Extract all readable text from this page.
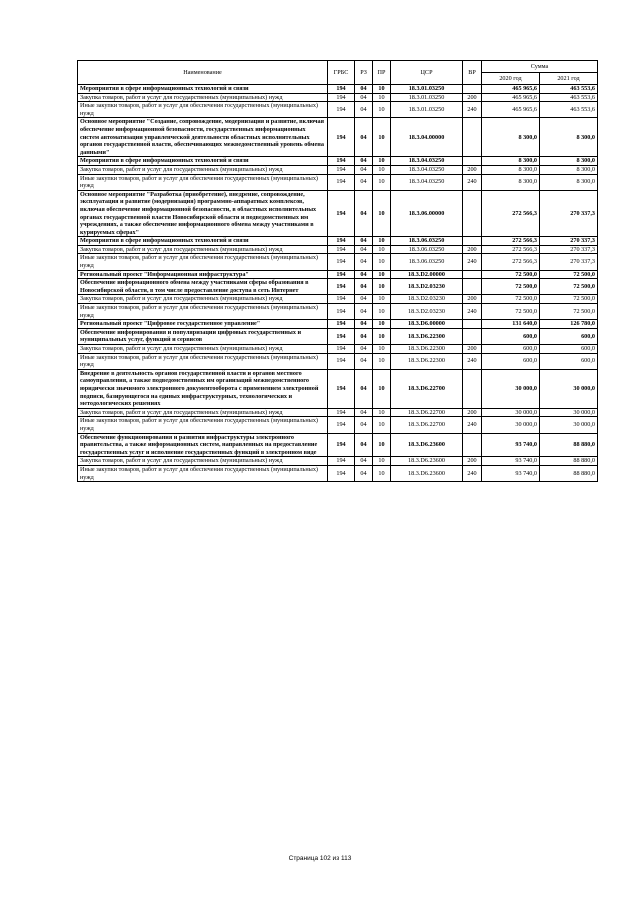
Наименование	ГРБС	РЗ	ПР	ЦСР	ВР	Сумма	
						2020 год	2021 год
Мероприятия в сфере информационных технологий и связи	194	04	10	18.3.01.03250		465 965,6	463 553,6
Закупка товаров, работ и услуг для государственных (муниципальных) нужд	194	04	10	18.3.01.03250	200	465 965,6	463 553,6
Иные закупки товаров, работ и услуг для обеспечения государственных (муниципальных) нужд	194	04	10	18.3.01.03250	240	465 965,6	463 553,6
Основное мероприятие "Создание, сопровождение, модернизация и развитие, включая обеспечение информационной безопасности, государственных информационных систем автоматизации управленческой деятельности областных исполнительных органов государственной власти, обеспечивающих межведомственный уровень обмена данными"	194	04	10	18.3.04.00000		8 300,0	8 300,0
Мероприятия в сфере информационных технологий и связи	194	04	10	18.3.04.03250		8 300,0	8 300,0
Закупка товаров, работ и услуг для государственных (муниципальных) нужд	194	04	10	18.3.04.03250	200	8 300,0	8 300,0
Иные закупки товаров, работ и услуг для обеспечения государственных (муниципальных) нужд	194	04	10	18.3.04.03250	240	8 300,0	8 300,0
Основное мероприятие "Разработка (приобретение), внедрение, сопровождение, эксплуатация и развитие (модернизация) программно-аппаратных комплексов, включая обеспечение информационной безопасности, в областных исполнительных органах государственной власти Новосибирской области и подведомственных им учреждениях, а также обеспечение информационного обмена между участниками в курируемых сферах"	194	04	10	18.3.06.00000		272 566,3	270 337,3
Мероприятия в сфере информационных технологий и связи	194	04	10	18.3.06.03250		272 566,3	270 337,3
Закупка товаров, работ и услуг для государственных (муниципальных) нужд	194	04	10	18.3.06.03250	200	272 566,3	270 337,3
Иные закупки товаров, работ и услуг для обеспечения государственных (муниципальных) нужд	194	04	10	18.3.06.03250	240	272 566,3	270 337,3
Региональный проект "Информационная инфраструктура"	194	04	10	18.3.D2.00000		72 500,0	72 500,0
Обеспечение информационного обмена между участниками сферы образования в Новосибирской области, в том числе предоставление доступа в сеть Интернет	194	04	10	18.3.D2.03230		72 500,0	72 500,0
Закупка товаров, работ и услуг для государственных (муниципальных) нужд	194	04	10	18.3.D2.03230	200	72 500,0	72 500,0
Иные закупки товаров, работ и услуг для обеспечения государственных (муниципальных) нужд	194	04	10	18.3.D2.03230	240	72 500,0	72 500,0
Региональный проект "Цифровое государственное управление"	194	04	10	18.3.D6.00000		131 640,0	126 780,0
Обеспечение информирования и популяризации цифровых государственных и муниципальных услуг, функций и сервисов	194	04	10	18.3.D6.22300		600,0	600,0
Закупка товаров, работ и услуг для государственных (муниципальных) нужд	194	04	10	18.3.D6.22300	200	600,0	600,0
Иные закупки товаров, работ и услуг для обеспечения государственных (муниципальных) нужд	194	04	10	18.3.D6.22300	240	600,0	600,0
Внедрение в деятельность органов государственной власти и органов местного самоуправления, а также подведомственных им организаций межведомственного юридически значимого электронного документооборота с применением электронной подписи, базирующегося на единых инфраструктурных, технологических и методологических решениях	194	04	10	18.3.D6.22700		30 000,0	30 000,0
Закупка товаров, работ и услуг для государственных (муниципальных) нужд	194	04	10	18.3.D6.22700	200	30 000,0	30 000,0
Иные закупки товаров, работ и услуг для обеспечения государственных (муниципальных) нужд	194	04	10	18.3.D6.22700	240	30 000,0	30 000,0
Обеспечение функционирования и развития инфраструктуры электронного правительства, а также информационных систем, направленных на предоставление государственных услуг и исполнение государственных функций в электронном виде	194	04	10	18.3.D6.23600		93 740,0	88 880,0
Закупка товаров, работ и услуг для государственных (муниципальных) нужд	194	04	10	18.3.D6.23600	200	93 740,0	88 880,0
Иные закупки товаров, работ и услуг для обеспечения государственных (муниципальных) нужд	194	04	10	18.3.D6.23600	240	93 740,0	88 880,0
Страница 102 из 113
